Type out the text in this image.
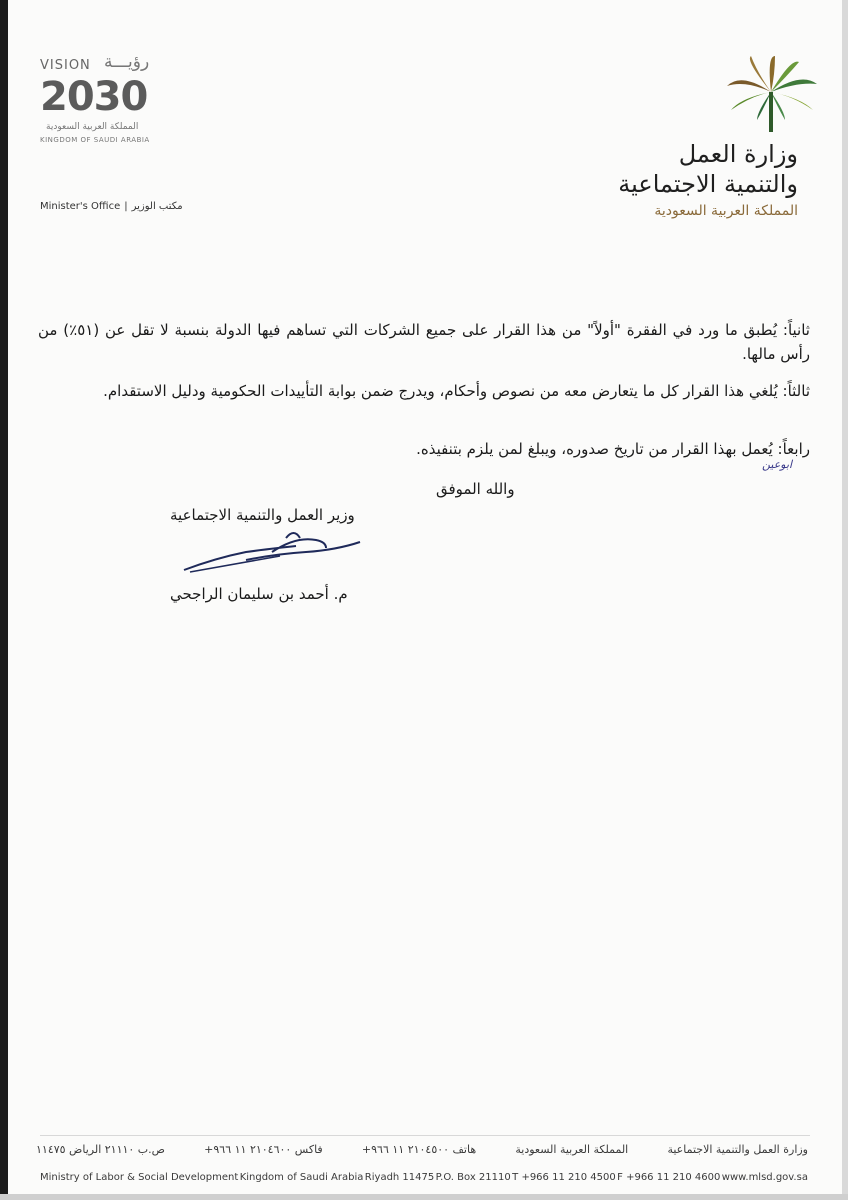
VISION رؤيـــة
2030
المملكة العربية السعودية
KINGDOM OF SAUDI ARABIA	وزارة العمل
والتنمية الاجتماعية
المملكة العربية السعودية
Minister's Office | مكتب الوزير
ثانياً: يُطبق ما ورد في الفقرة "أولاً" من هذا القرار على جميع الشركات التي تساهم فيها الدولة بنسبة لا تقل عن (٥١٪) من رأس مالها.
ثالثاً: يُلغي هذا القرار كل ما يتعارض معه من نصوص وأحكام، ويدرج ضمن بوابة التأييدات الحكومية ودليل الاستقدام.
رابعاً: يُعمل بهذا القرار من تاريخ صدوره، ويبلغ لمن يلزم بتنفيذه.
ابوعين
والله الموفق
وزير العمل والتنمية الاجتماعية
م. أحمد بن سليمان الراجحي
وزارة العمل والتنمية الاجتماعية
المملكة العربية السعودية
هاتف ٢١٠٤٥٠٠ ١١ ٩٦٦+
فاكس ٢١٠٤٦٠٠ ١١ ٩٦٦+
ص.ب ٢١١١٠ الرياض ١١٤٧٥
Ministry of Labor & Social Development Kingdom of Saudi Arabia Riyadh 11475 P.O. Box 21110 T +966 11 210 4500 F +966 11 210 4600 www.mlsd.gov.sa
